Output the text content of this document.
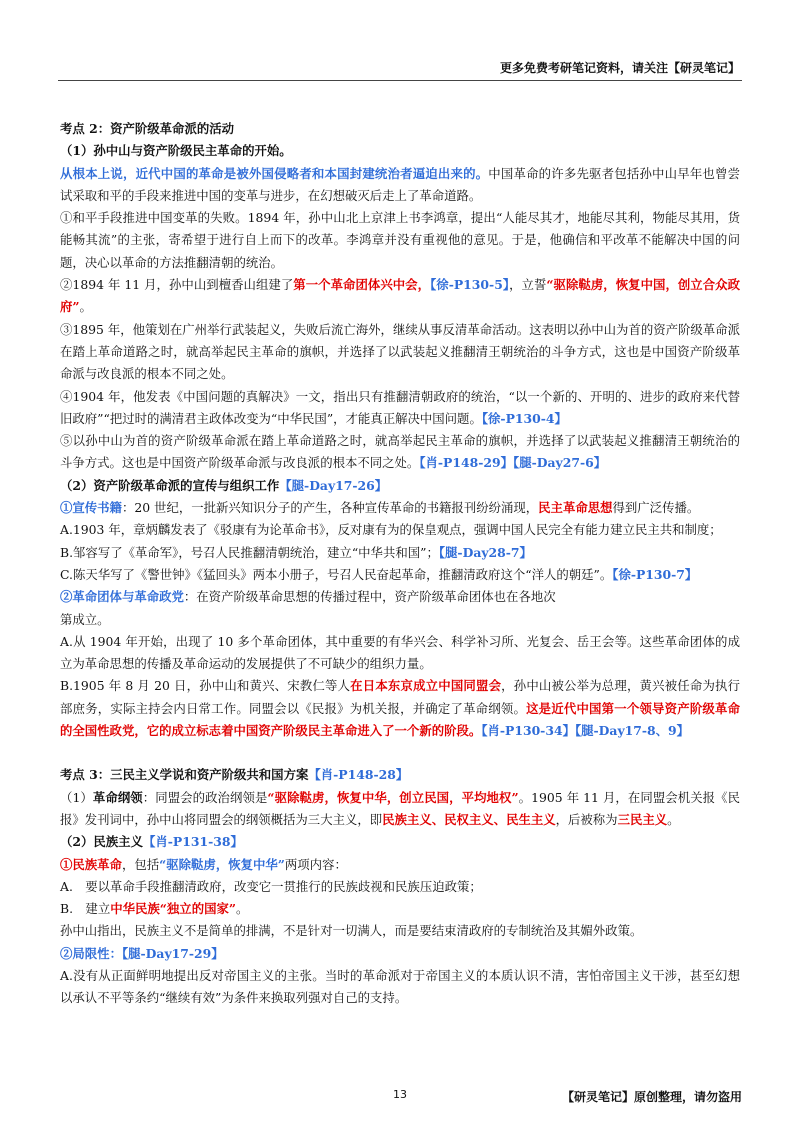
更多免费考研笔记资料，请关注【研灵笔记】

考点 2：资产阶级革命派的活动

（1）孙中山与资产阶级民主革命的开始。

从根本上说，近代中国的革命是被外国侵略者和本国封建统治者逼迫出来的。中国革命的许多先驱者包括孙中山早年也曾尝试采取和平的手段来推进中国的变革与进步，在幻想破灭后走上了革命道路。

①和平手段推进中国变革的失败。1894 年，孙中山北上京津上书李鸿章，提出“人能尽其才，地能尽其利，物能尽其用，货能畅其流”的主张，寄希望于进行自上而下的改革。李鸿章并没有重视他的意见。于是，他确信和平改革不能解决中国的问题，决心以革命的方法推翻清朝的统治。

②1894 年 11 月，孙中山到檀香山组建了第一个革命团体兴中会，【徐-P130-5】，立誓“驱除鞑虏，恢复中国，创立合众政府”。

③1895 年，他策划在广州举行武装起义，失败后流亡海外，继续从事反清革命活动。这表明以孙中山为首的资产阶级革命派在踏上革命道路之时，就高举起民主革命的旗帜，并选择了以武装起义推翻清王朝统治的斗争方式，这也是中国资产阶级革命派与改良派的根本不同之处。

④1904 年，他发表《中国问题的真解决》一文，指出只有推翻清朝政府的统治，“以一个新的、开明的、进步的政府来代替旧政府”“把过时的满清君主政体改变为“中华民国”，才能真正解决中国问题。【徐-P130-4】

⑤以孙中山为首的资产阶级革命派在踏上革命道路之时，就高举起民主革命的旗帜，并选择了以武装起义推翻清王朝统治的斗争方式。这也是中国资产阶级革命派与改良派的根本不同之处。【肖-P148-29】【腿-Day27-6】

（2）资产阶级革命派的宣传与组织工作【腿-Day17-26】

①宣传书籍：20 世纪，一批新兴知识分子的产生，各种宣传革命的书籍报刊纷纷涌现，民主革命思想得到广泛传播。

A.1903 年，章炳麟发表了《驳康有为论革命书》，反对康有为的保皇观点，强调中国人民完全有能力建立民主共和制度；

B.邹容写了《革命军》，号召人民推翻清朝统治，建立“中华共和国”；【腿-Day28-7】

C.陈天华写了《警世钟》《猛回头》两本小册子，号召人民奋起革命，推翻清政府这个“洋人的朝廷”。【徐-P130-7】

②革命团体与革命政党：在资产阶级革命思想的传播过程中，资产阶级革命团体也在各地次

第成立。

A.从 1904 年开始，出现了 10 多个革命团体，其中重要的有华兴会、科学补习所、光复会、岳王会等。这些革命团体的成立为革命思想的传播及革命运动的发展提供了不可缺少的组织力量。

B.1905 年 8 月 20 日，孙中山和黄兴、宋教仁等人在日本东京成立中国同盟会，孙中山被公举为总理，黄兴被任命为执行部庶务，实际主持会内日常工作。同盟会以《民报》为机关报，并确定了革命纲领。这是近代中国第一个领导资产阶级革命的全国性政党，它的成立标志着中国资产阶级民主革命进入了一个新的阶段。【肖-P130-34】【腿-Day17-8、9】

考点 3：三民主义学说和资产阶级共和国方案【肖-P148-28】

（1）革命纲领：同盟会的政治纲领是“驱除鞑虏，恢复中华，创立民国，平均地权”。1905 年 11 月，在同盟会机关报《民报》发刊词中，孙中山将同盟会的纲领概括为三大主义，即民族主义、民权主义、民生主义，后被称为三民主义。

（2）民族主义【肖-P131-38】

①民族革命，包括“驱除鞑虏，恢复中华”两项内容：

A.　要以革命手段推翻清政府，改变它一贯推行的民族歧视和民族压迫政策；

B.　建立中华民族“独立的国家”。

孙中山指出，民族主义不是简单的排满，不是针对一切满人，而是要结束清政府的专制统治及其媚外政策。

②局限性：【腿-Day17-29】

A.没有从正面鲜明地提出反对帝国主义的主张。当时的革命派对于帝国主义的本质认识不清，害怕帝国主义干涉，甚至幻想以承认不平等条约“继续有效”为条件来换取列强对自己的支持。

13	【研灵笔记】原创整理，请勿盗用
